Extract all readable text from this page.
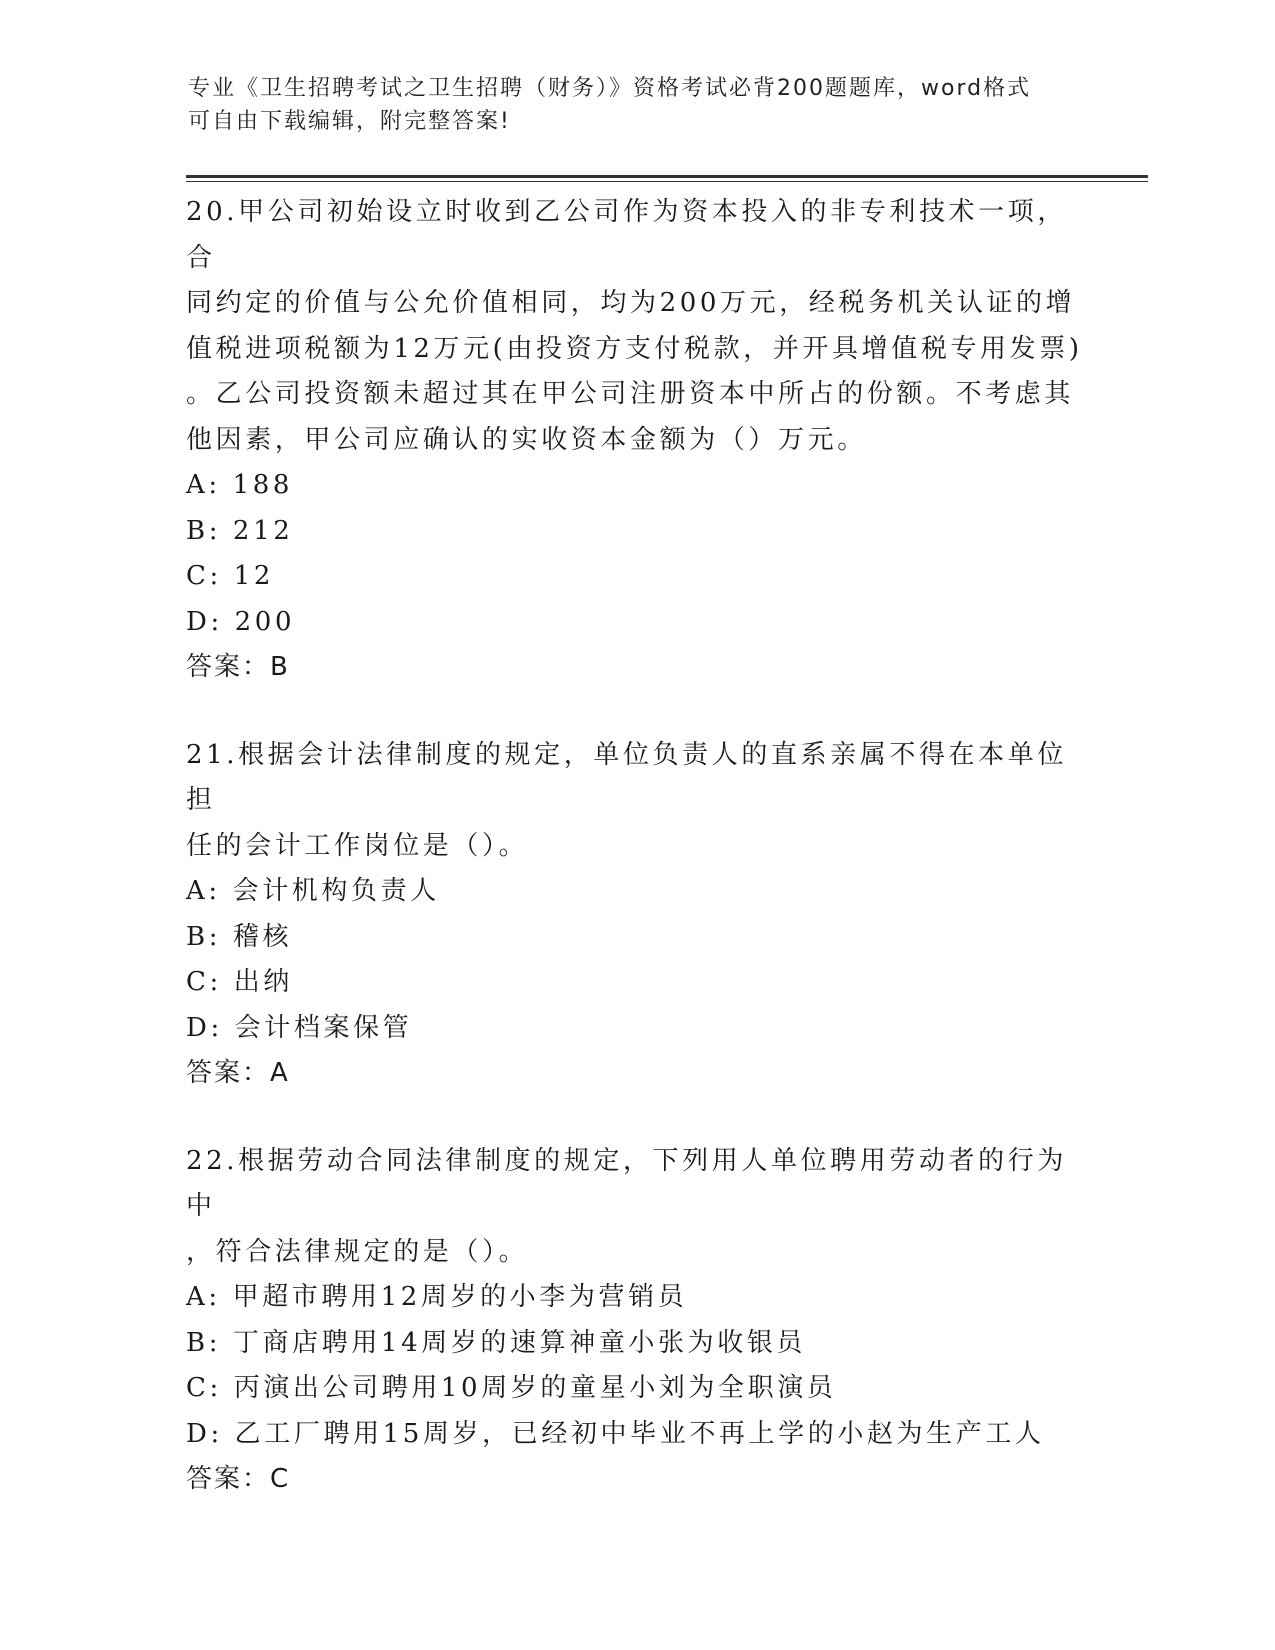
专业《卫生招聘考试之卫生招聘（财务）》资格考试必背200题题库，word格式
可自由下载编辑，附完整答案!
20.甲公司初始设立时收到乙公司作为资本投入的非专利技术一项，合
同约定的价值与公允价值相同，均为200万元，经税务机关认证的增
值税进项税额为12万元(由投资方支付税款，并开具增值税专用发票)
。乙公司投资额未超过其在甲公司注册资本中所占的份额。不考虑其
他因素，甲公司应确认的实收资本金额为（）万元。
A: 188
B: 212
C: 12
D: 200
答案：B
21.根据会计法律制度的规定，单位负责人的直系亲属不得在本单位担
任的会计工作岗位是（）。
A: 会计机构负责人
B: 稽核
C: 出纳
D: 会计档案保管
答案：A
22.根据劳动合同法律制度的规定，下列用人单位聘用劳动者的行为中
，符合法律规定的是（）。
A: 甲超市聘用12周岁的小李为营销员
B: 丁商店聘用14周岁的速算神童小张为收银员
C: 丙演出公司聘用10周岁的童星小刘为全职演员
D: 乙工厂聘用15周岁，已经初中毕业不再上学的小赵为生产工人
答案：C
